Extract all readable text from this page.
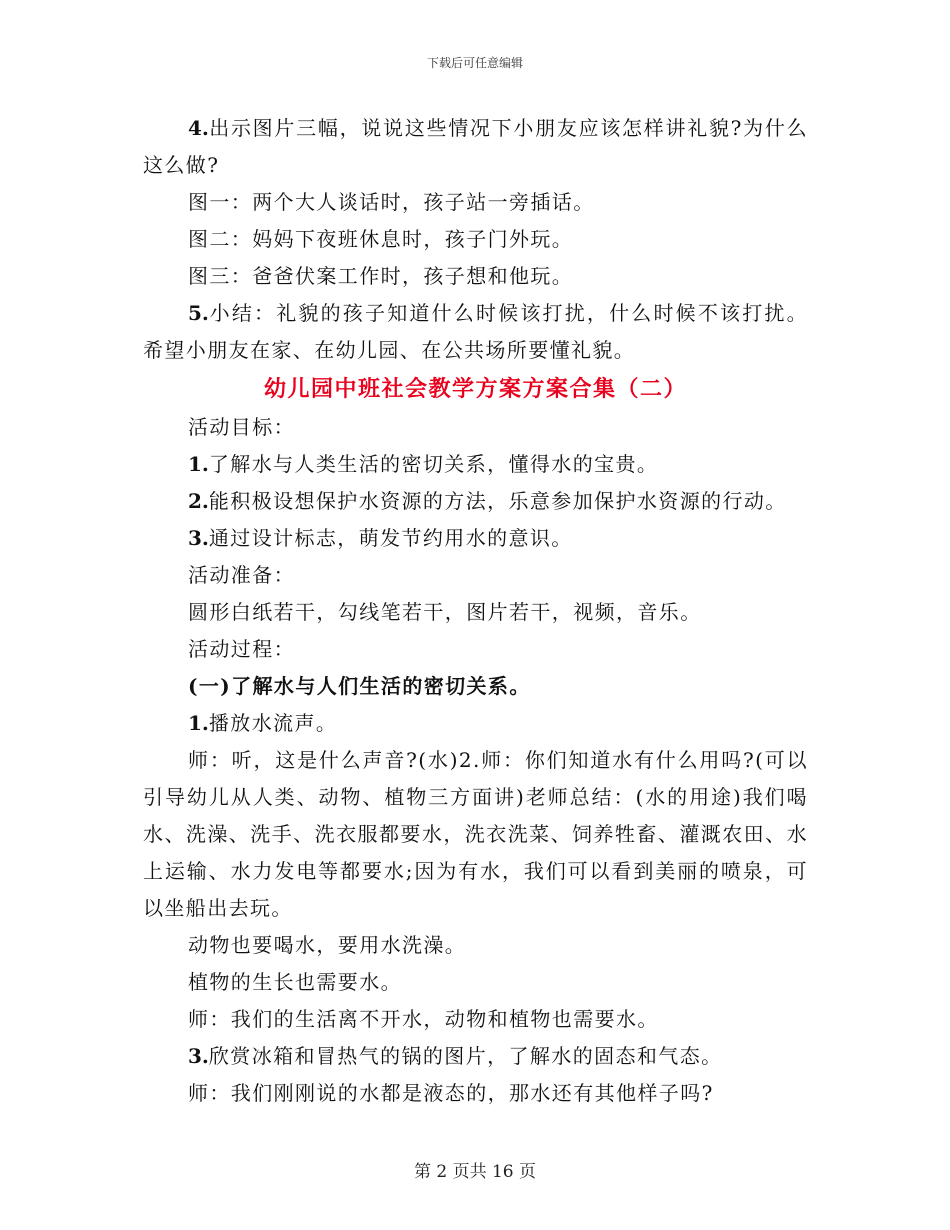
下载后可任意编辑

4.出示图片三幅，说说这些情况下小朋友应该怎样讲礼貌?为什么这么做?

图一：两个大人谈话时，孩子站一旁插话。

图二：妈妈下夜班休息时，孩子门外玩。

图三：爸爸伏案工作时，孩子想和他玩。

5.小结：礼貌的孩子知道什么时候该打扰，什么时候不该打扰。希望小朋友在家、在幼儿园、在公共场所要懂礼貌。

幼儿园中班社会教学方案方案合集（二）

活动目标：

1.了解水与人类生活的密切关系，懂得水的宝贵。

2.能积极设想保护水资源的方法，乐意参加保护水资源的行动。

3.通过设计标志，萌发节约用水的意识。

活动准备：

圆形白纸若干，勾线笔若干，图片若干，视频，音乐。

活动过程：

(一)了解水与人们生活的密切关系。

1.播放水流声。

师：听，这是什么声音?(水)2.师：你们知道水有什么用吗?(可以引导幼儿从人类、动物、植物三方面讲)老师总结：(水的用途)我们喝水、洗澡、洗手、洗衣服都要水，洗衣洗菜、饲养牲畜、灌溉农田、水上运输、水力发电等都要水;因为有水，我们可以看到美丽的喷泉，可以坐船出去玩。

动物也要喝水，要用水洗澡。

植物的生长也需要水。

师：我们的生活离不开水，动物和植物也需要水。

3.欣赏冰箱和冒热气的锅的图片，了解水的固态和气态。

师：我们刚刚说的水都是液态的，那水还有其他样子吗?

第 2 页共 16 页
